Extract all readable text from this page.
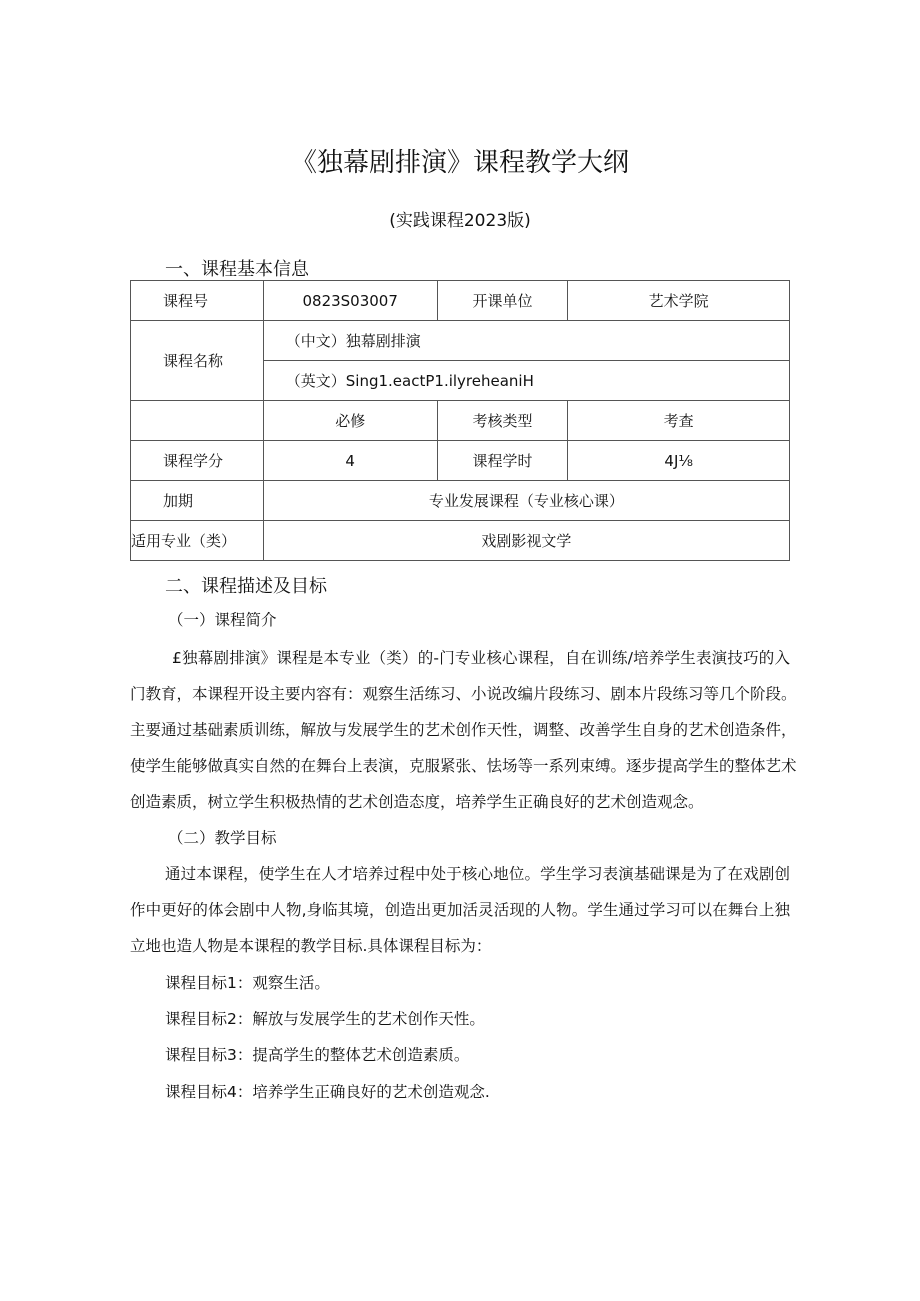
《独幕剧排演》课程教学大纲
(实践课程2023版)
一、课程基本信息
课程号	0823S03007	开课单位	艺术学院
课程名称	（中文）独幕剧排演		
	（英文）Sing1.eactP1.ilyreheaniH		
	必修	考核类型	考查
课程学分	4	课程学时	4J⅛
加期	专业发展课程（专业核心课）		
适用专业（类）	戏剧影视文学		
二、课程描述及目标
（一）课程简介
£独幕剧排演》课程是本专业（类）的-门专业核心课程，自在训练/培养学生表演技巧的入
门教育，本课程开设主要内容有：观察生活练习、小说改编片段练习、剧本片段练习等几个阶段。
主要通过基础素质训练，解放与发展学生的艺术创作天性，调整、改善学生自身的艺术创造条件，
使学生能够做真实自然的在舞台上表演，克服紧张、怯场等一系列束缚。逐步提高学生的整体艺术
创造素质，树立学生积极热情的艺术创造态度，培养学生正确良好的艺术创造观念。
（二）教学目标
通过本课程，使学生在人才培养过程中处于核心地位。学生学习表演基础课是为了在戏剧创
作中更好的体会剧中人物,身临其境，创造出更加活灵活现的人物。学生通过学习可以在舞台上独
立地也造人物是本课程的教学目标.具体课程目标为：
课程目标1：观察生活。
课程目标2：解放与发展学生的艺术创作天性。
课程目标3：提高学生的整体艺术创造素质。
课程目标4：培养学生正确良好的艺术创造观念.
